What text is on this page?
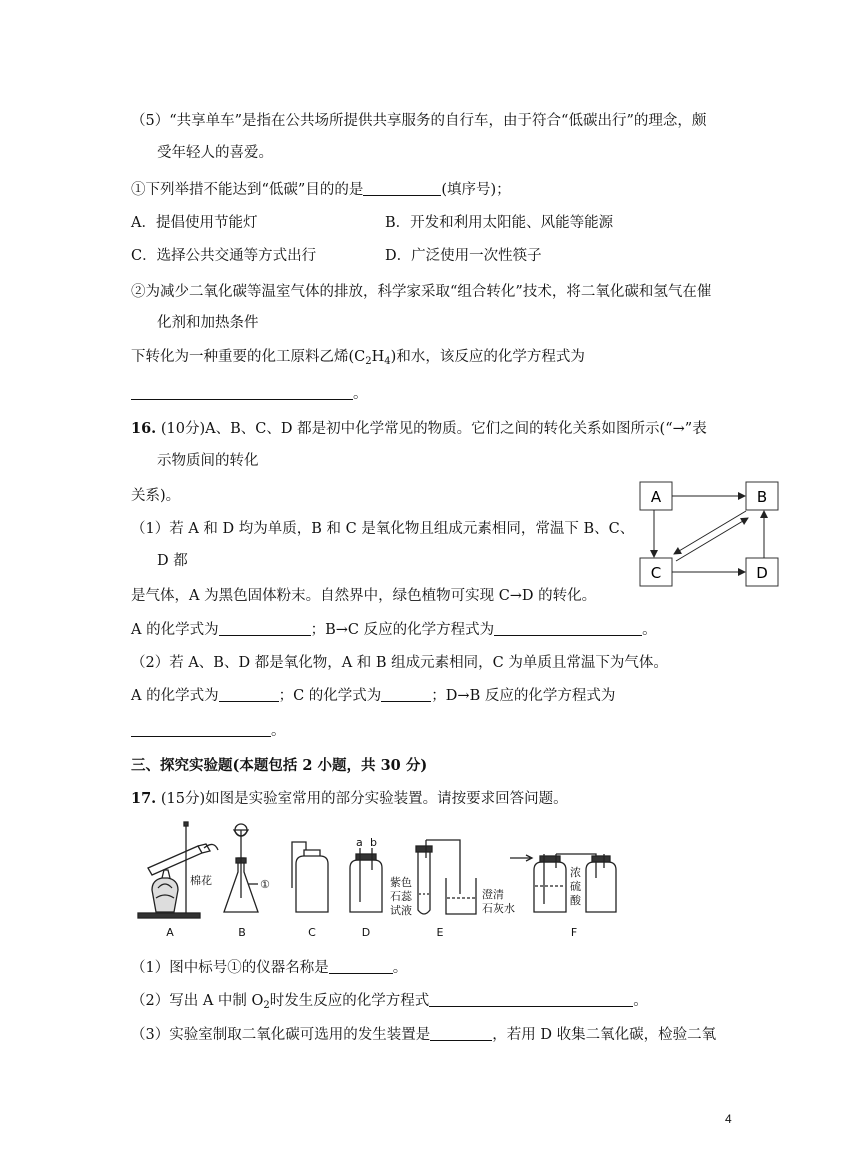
（5）“共享单车”是指在公共场所提供共享服务的自行车，由于符合“低碳出行”的理念，颇
受年轻人的喜爱。
①下列举措不能达到“低碳”目的的是	(填序号)；
A．提倡使用节能灯	B．开发和利用太阳能、风能等能源
C．选择公共交通等方式出行	D．广泛使用一次性筷子
②为减少二氧化碳等温室气体的排放，科学家采取“组合转化”技术，将二氧化碳和氢气在催
化剂和加热条件
下转化为一种重要的化工原料乙烯$(C_2H_4)$和水，该反应的化学方程式为
。
16. (10分)A、B、C、D 都是初中化学常见的物质。它们之间的转化关系如图所示(“→”表
示物质间的转化
关系)。
（1）若 A 和 D 均为单质，B 和 C 是氧化物且组成元素相同，常温下 B、C、
D 都
是气体，A 为黑色固体粉末。自然界中，绿色植物可实现 C→D 的转化。
A 的化学式为	；B→C 反应的化学方程式为	。
（2）若 A、B、D 都是氧化物，A 和 B 组成元素相同，C 为单质且常温下为气体。
A 的化学式为	；C 的化学式为	；D→B 反应的化学方程式为
。
A	B
C	D
三、探究实验题(本题包括 2 小题，共 30 分)
17. (15分)如图是实验室常用的部分实验装置。请按要求回答问题。
棉花	①
a b
紫色
石蕊
试液
澄清
石灰水
浓
硫
酸
A	B	C	D	E	F
（1）图中标号①的仪器名称是	。
（2）写出 A 中制 $O_2$时发生反应的化学方程式	。
（3）实验室制取二氧化碳可选用的发生装置是	，若用 D 收集二氧化碳，检验二氧
4
